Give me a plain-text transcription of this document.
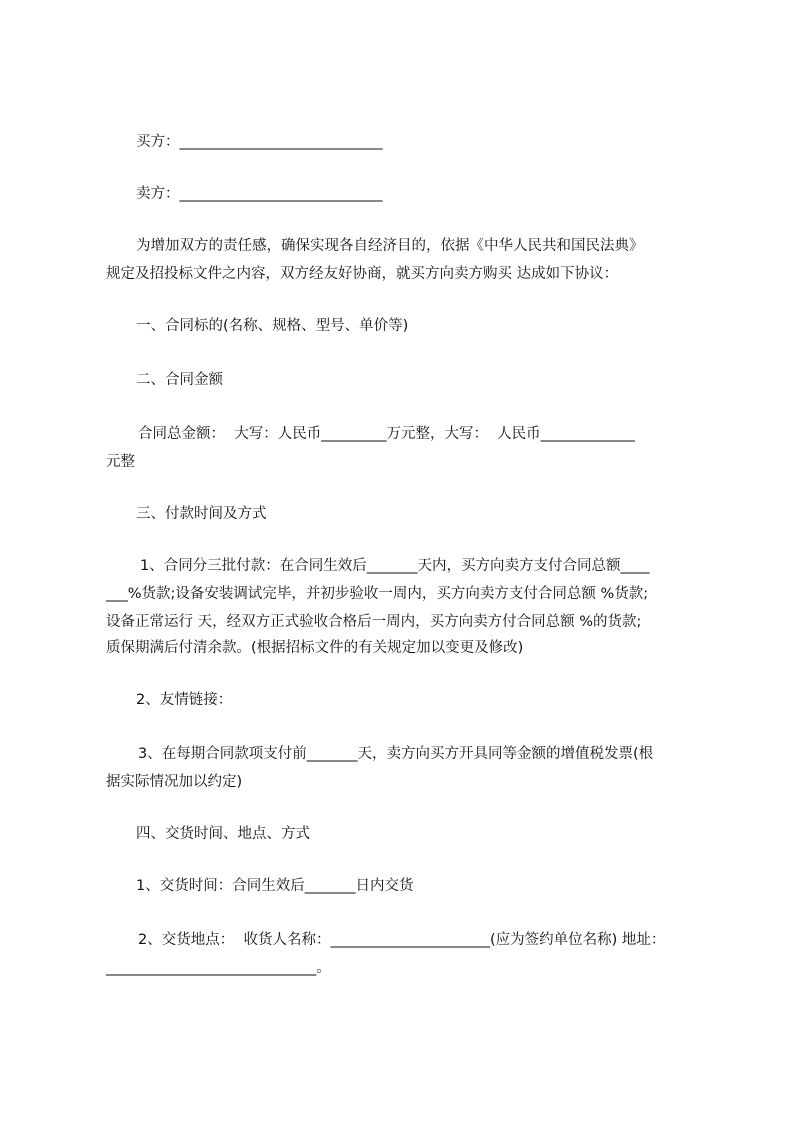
买方：____________________________
卖方：____________________________
为增加双方的责任感，确保实现各自经济目的，依据《中华人民共和国民法典》
规定及招投标文件之内容，双方经友好协商，就买方向卖方购买 达成如下协议：
一、合同标的(名称、规格、型号、单价等)
二、合同金额
合同总金额：  大写：人民币_________万元整，大写：  人民币_____________
元整
三、付款时间及方式
1、合同分三批付款：在合同生效后_______天内，买方向卖方支付合同总额____
___%货款;设备安装调试完毕，并初步验收一周内，买方向卖方支付合同总额 %货款;
设备正常运行 天，经双方正式验收合格后一周内，买方向卖方付合同总额 %的货款;
质保期满后付清余款。(根据招标文件的有关规定加以变更及修改)
2、友情链接：
3、在每期合同款项支付前_______天，卖方向买方开具同等金额的增值税发票(根
据实际情况加以约定)
四、交货时间、地点、方式
1、交货时间：合同生效后_______日内交货
2、交货地点：  收货人名称：______________________(应为签约单位名称) 地址：
_____________________________。
